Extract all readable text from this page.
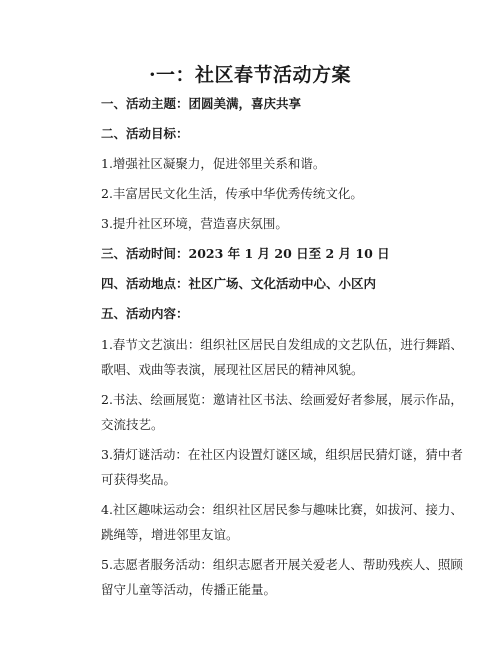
·一：社区春节活动方案
一、活动主题：团圆美满，喜庆共享
二、活动目标：
1.增强社区凝聚力，促进邻里关系和谐。
2.丰富居民文化生活，传承中华优秀传统文化。
3.提升社区环境，营造喜庆氛围。
三、活动时间：2023 年 1 月 20 日至 2 月 10 日
四、活动地点：社区广场、文化活动中心、小区内
五、活动内容：
1.春节文艺演出：组织社区居民自发组成的文艺队伍，进行舞蹈、
歌唱、戏曲等表演，展现社区居民的精神风貌。
2.书法、绘画展览：邀请社区书法、绘画爱好者参展，展示作品，
交流技艺。
3.猜灯谜活动：在社区内设置灯谜区域，组织居民猜灯谜，猜中者
可获得奖品。
4.社区趣味运动会：组织社区居民参与趣味比赛，如拔河、接力、
跳绳等，增进邻里友谊。
5.志愿者服务活动：组织志愿者开展关爱老人、帮助残疾人、照顾
留守儿童等活动，传播正能量。
